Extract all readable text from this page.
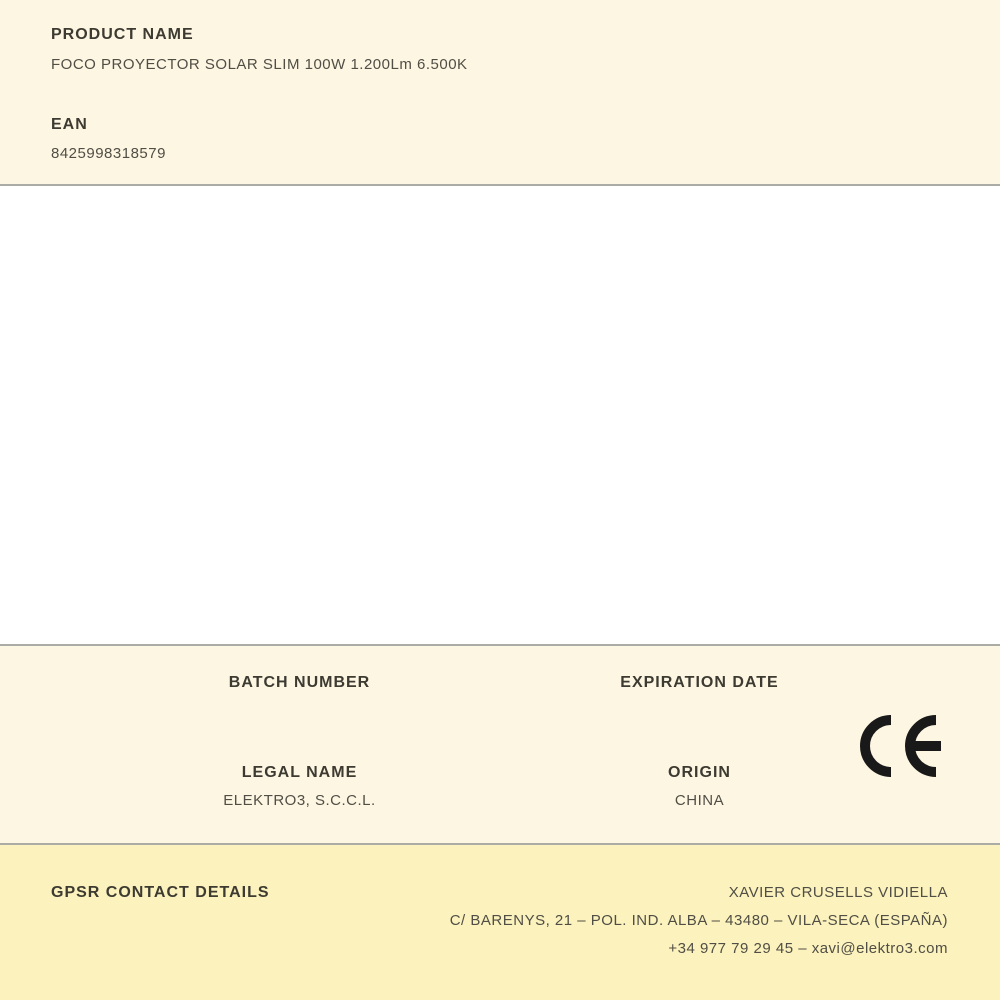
PRODUCT NAME
FOCO PROYECTOR SOLAR SLIM 100W 1.200Lm 6.500K
EAN
8425998318579
BATCH NUMBER	EXPIRATION DATE
LEGAL NAME
ELEKTRO3, S.C.C.L.
ORIGIN
CHINA
GPSR CONTACT DETAILS	XAVIER CRUSELLS VIDIELLA
C/ BARENYS, 21 – POL. IND. ALBA – 43480 – VILA-SECA (ESPAÑA)
+34 977 79 29 45 – xavi@elektro3.com
